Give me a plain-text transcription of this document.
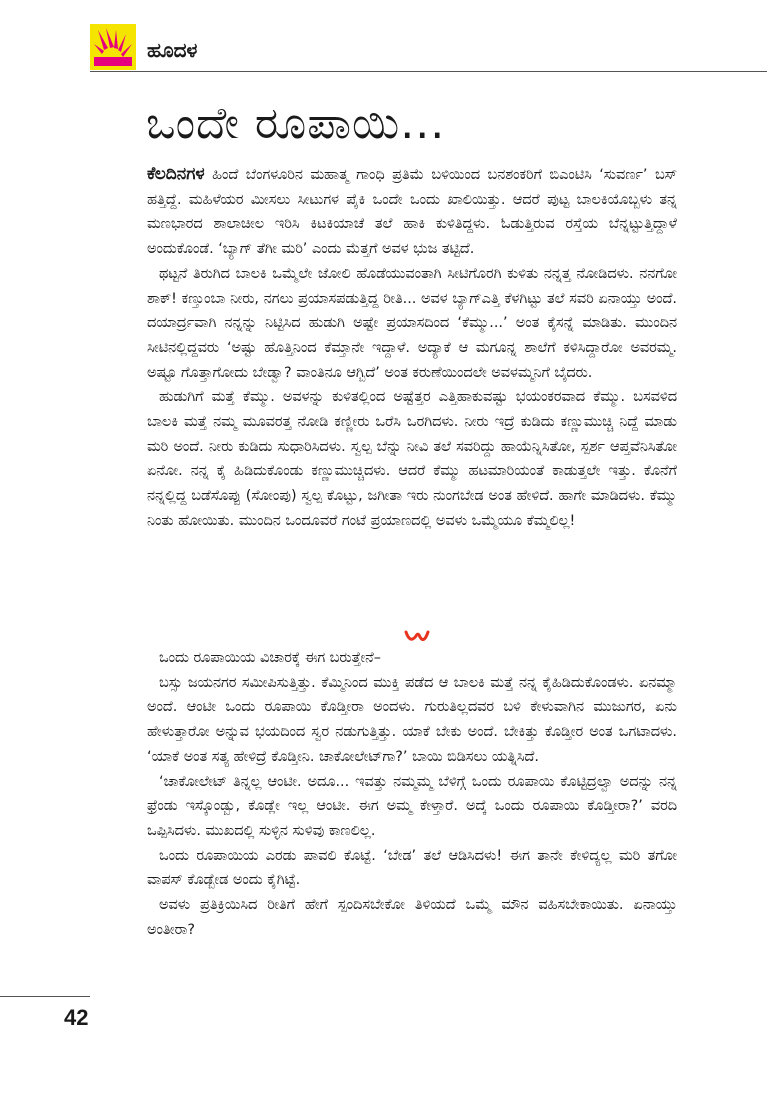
ಹೂದಳ
ಒಂದೇ ರೂಪಾಯಿ...

ಕೆಲದಿನಗಳ ಹಿಂದೆ ಬೆಂಗಳೂರಿನ ಮಹಾತ್ಮ ಗಾಂಧಿ ಪ್ರತಿಮೆ ಬಳಿಯಿಂದ ಬನಶಂಕರಿಗೆ ಬಿಎಂಟಿಸಿ ‘ಸುವರ್ಣ’ ಬಸ್ ಹತ್ತಿದ್ದೆ. ಮಹಿಳೆಯರ ಮೀಸಲು ಸೀಟುಗಳ ಪೈಕಿ ಒಂದೇ ಒಂದು ಖಾಲಿಯಿತ್ತು. ಆದರೆ ಪುಟ್ಟ ಬಾಲಕಿಯೊಬ್ಬಳು ತನ್ನ ಮಣಭಾರದ ಶಾಲಾಚೀಲ ಇರಿಸಿ ಕಿಟಕಿಯಾಚೆ ತಲೆ ಹಾಕಿ ಕುಳಿತಿದ್ದಳು. ಓಡುತ್ತಿರುವ ರಸ್ತೆಯ ಬೆನ್ನಟ್ಟುತ್ತಿದ್ದಾಳೆ ಅಂದುಕೊಂಡೆ. ‘ಬ್ಯಾಗ್ ತೆಗೀ ಮರಿ’ ಎಂದು ಮೆತ್ತಗೆ ಅವಳ ಭುಜ ತಟ್ಟಿದೆ.

ಥಟ್ಟನೆ ತಿರುಗಿದ ಬಾಲಕಿ ಒಮ್ಮೆಲೇ ಜೋಲಿ ಹೊಡೆಯುವಂತಾಗಿ ಸೀಟಿಗೊರಗಿ ಕುಳಿತು ನನ್ನತ್ತ ನೋಡಿದಳು. ನನಗೋ ಶಾಕ್! ಕಣ್ತುಂಬಾ ನೀರು, ನಗಲು ಪ್ರಯಾಸಪಡುತ್ತಿದ್ದ ರೀತಿ... ಅವಳ ಬ್ಯಾಗ್‌ಎತ್ತಿ ಕೆಳಗಿಟ್ಟು ತಲೆ ಸವರಿ ಏನಾಯ್ತು ಅಂದೆ. ದಯಾರ್ದ್ರವಾಗಿ ನನ್ನನ್ನು ನಿಟ್ಟಿಸಿದ ಹುಡುಗಿ ಅಷ್ಟೇ ಪ್ರಯಾಸದಿಂದ ‘ಕೆಮ್ಮು...’ ಅಂತ ಕೈಸನ್ನೆ ಮಾಡಿತು. ಮುಂದಿನ ಸೀಟಿನಲ್ಲಿದ್ದವರು ‘ಅಷ್ಟು ಹೊತ್ತಿನಿಂದ ಕೆಮ್ತಾನೇ ಇದ್ದಾಳೆ. ಅದ್ಯಾಕೆ ಆ ಮಗೂನ್ನ ಶಾಲೆಗೆ ಕಳಿಸಿದ್ದಾರೋ ಅವರಮ್ಮ. ಅಷ್ಟೂ ಗೊತ್ತಾಗೋದು ಬೇಡ್ವಾ? ವಾಂತಿನೂ ಆಗ್ಬಿದೆ’ ಅಂತ ಕರುಣೆಯಿಂದಲೇ ಅವಳಮ್ಮನಿಗೆ ಬೈದರು.

ಹುಡುಗಿಗೆ ಮತ್ತೆ ಕೆಮ್ಮು. ಅವಳನ್ನು ಕುಳಿತಲ್ಲಿಂದ ಅಷ್ಟೆತ್ತರ ಎತ್ತಿಹಾಕುವಷ್ಟು ಭಯಂಕರವಾದ ಕೆಮ್ಮು. ಬಸವಳಿದ ಬಾಲಕಿ ಮತ್ತೆ ನಮ್ಮ ಮೂವರತ್ತ ನೋಡಿ ಕಣ್ಣೀರು ಒರೆಸಿ ಒರಗಿದಳು. ನೀರು ಇದ್ರೆ ಕುಡಿದು ಕಣ್ಣುಮುಚ್ಚಿ ನಿದ್ದೆ ಮಾಡು ಮರಿ ಅಂದೆ. ನೀರು ಕುಡಿದು ಸುಧಾರಿಸಿದಳು. ಸ್ವಲ್ಪ ಬೆನ್ನು ನೀವಿ ತಲೆ ಸವರಿದ್ದು ಹಾಯೆನ್ನಿಸಿತೋ, ಸ್ಪರ್ಶ ಆಪ್ತವೆನಿಸಿತೋ ಏನೋ. ನನ್ನ ಕೈ ಹಿಡಿದುಕೊಂಡು ಕಣ್ಣುಮುಚ್ಚಿದಳು. ಆದರೆ ಕೆಮ್ಮು ಹಟಮಾರಿಯಂತೆ ಕಾಡುತ್ತಲೇ ಇತ್ತು. ಕೊನೆಗೆ ನನ್ನಲ್ಲಿದ್ದ ಬಡೆಸೊಪ್ಪು (ಸೋಂಪು) ಸ್ವಲ್ಪ ಕೊಟ್ಟು, ಜಗೀತಾ ಇರು ನುಂಗಬೇಡ ಅಂತ ಹೇಳಿದೆ. ಹಾಗೇ ಮಾಡಿದಳು. ಕೆಮ್ಮು ನಿಂತು ಹೋಯಿತು. ಮುಂದಿನ ಒಂದೂವರೆ ಗಂಟೆ ಪ್ರಯಾಣದಲ್ಲಿ ಅವಳು ಒಮ್ಮೆಯೂ ಕೆಮ್ಮಲಿಲ್ಲ!

ಒಂದು ರೂಪಾಯಿಯ ವಿಚಾರಕ್ಕೆ ಈಗ ಬರುತ್ತೇನೆ–

ಬಸ್ಸು ಜಯನಗರ ಸಮೀಪಿಸುತ್ತಿತ್ತು. ಕೆಮ್ಮಿನಿಂದ ಮುಕ್ತಿ ಪಡೆದ ಆ ಬಾಲಕಿ ಮತ್ತೆ ನನ್ನ ಕೈಹಿಡಿದುಕೊಂಡಳು. ಏನಮ್ಮಾ ಅಂದೆ. ಆಂಟೀ ಒಂದು ರೂಪಾಯಿ ಕೊಡ್ತೀರಾ ಅಂದಳು. ಗುರುತಿಲ್ಲದವರ ಬಳಿ ಕೇಳುವಾಗಿನ ಮುಜುಗರ, ಏನು ಹೇಳುತ್ತಾರೋ ಅನ್ನುವ ಭಯದಿಂದ ಸ್ವರ ನಡುಗುತ್ತಿತ್ತು. ಯಾಕೆ ಬೇಕು ಅಂದೆ. ಬೇಕಿತ್ತು ಕೊಡ್ತೀರ ಅಂತ ಒಗಟಾದಳು. ‘ಯಾಕೆ ಅಂತ ಸತ್ಯ ಹೇಳಿದ್ರೆ ಕೊಡ್ತೀನಿ. ಚಾಕೋಲೇಟ್‌ಗಾ?’ ಬಾಯಿ ಬಿಡಿಸಲು ಯತ್ನಿಸಿದೆ.

‘ಚಾಕೋಲೇಟ್ ತಿನ್ನಲ್ಲ ಆಂಟೀ. ಅದೂ... ಇವತ್ತು ನಮ್ಮಮ್ಮ ಬೆಳಿಗ್ಗೆ ಒಂದು ರೂಪಾಯಿ ಕೊಟ್ಟಿದ್ರಲ್ವಾ ಅದನ್ನು ನನ್ನ ಫ್ರೆಂಡು ಇಸ್ಕೊಂಡ್ಬು, ಕೊಡ್ಲೇ ಇಲ್ಲ ಆಂಟೀ. ಈಗ ಅಮ್ಮ ಕೇಳ್ತಾರೆ. ಅದ್ಕೆ ಒಂದು ರೂಪಾಯಿ ಕೊಡ್ತೀರಾ?’ ವರದಿ ಒಪ್ಪಿಸಿದಳು. ಮುಖದಲ್ಲಿ ಸುಳ್ಳಿನ ಸುಳಿವು ಕಾಣಲಿಲ್ಲ.

ಒಂದು ರೂಪಾಯಿಯ ಎರಡು ಪಾವಲಿ ಕೊಟ್ಟೆ. ‘ಬೇಡ’ ತಲೆ ಆಡಿಸಿದಳು! ಈಗ ತಾನೇ ಕೇಳಿದ್ಯಲ್ಲ ಮರಿ ತಗೋ ವಾಪಸ್ ಕೊಡ್ಬೇಡ ಅಂದು ಕೈಗಿಟ್ಟೆ.

ಅವಳು ಪ್ರತಿಕ್ರಿಯಿಸಿದ ರೀತಿಗೆ ಹೇಗೆ ಸ್ಪಂದಿಸಬೇಕೋ ತಿಳಿಯದೆ ಒಮ್ಮೆ ಮೌನ ವಹಿಸಬೇಕಾಯಿತು. ಏನಾಯ್ತು ಅಂತೀರಾ?

42
